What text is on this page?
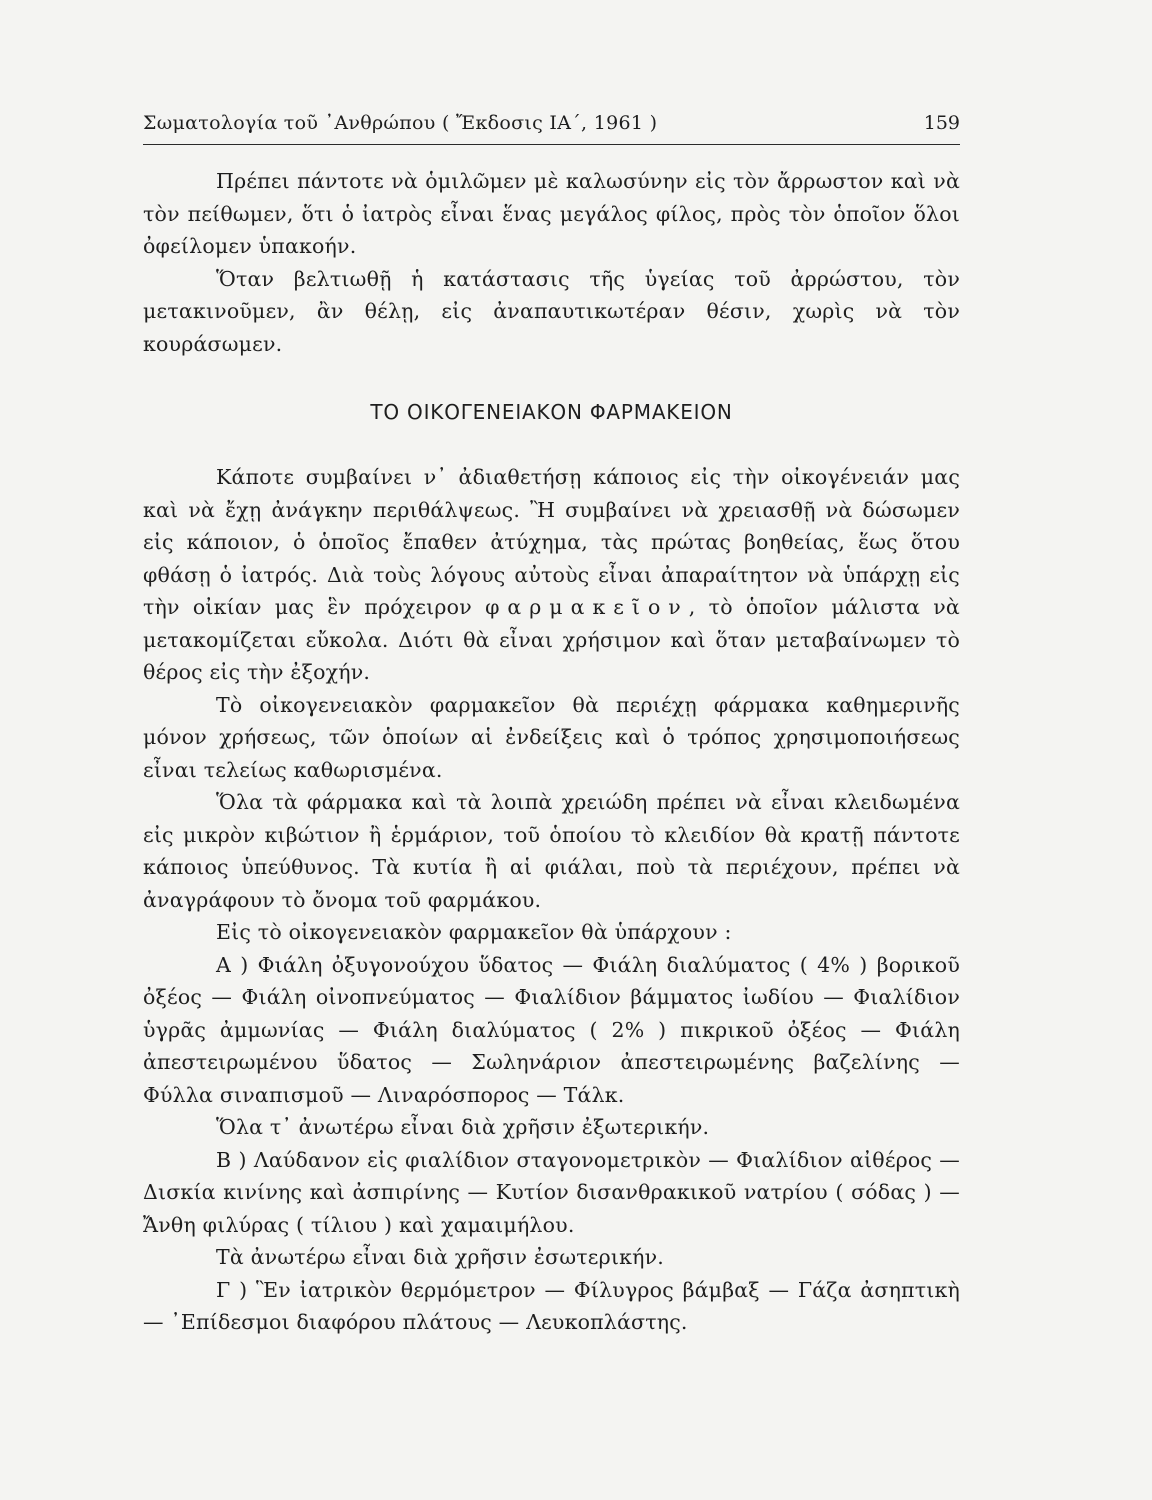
Σωματολογία τοῦ ᾿Ανθρώπου ( Ἔκδοσις ΙΑ΄, 1961 )	159

Πρέπει πάντοτε νὰ ὁμιλῶμεν μὲ καλωσύνην εἰς τὸν ἄρρωστον καὶ νὰ τὸν πείθωμεν, ὅτι ὁ ἰατρὸς εἶναι ἕνας μεγάλος φίλος, πρὸς τὸν ὁποῖον ὅλοι ὀφείλομεν ὑπακοήν.

Ὅταν βελτιωθῇ ἡ κατάστασις τῆς ὑγείας τοῦ ἀρρώστου, τὸν μετακινοῦμεν, ἂν θέλῃ, εἰς ἀναπαυτικωτέραν θέσιν, χωρὶς νὰ τὸν κουράσωμεν.

ΤΟ ΟΙΚΟΓΕΝΕΙΑΚΟΝ ΦΑΡΜΑΚΕΙΟΝ

Κάποτε συμβαίνει ν᾿ ἀδιαθετήσῃ κάποιος εἰς τὴν οἰκογένειάν μας καὶ νὰ ἔχῃ ἀνάγκην περιθάλψεως. Ἢ συμβαίνει νὰ χρειασθῇ νὰ δώσωμεν εἰς κάποιον, ὁ ὁποῖος ἔπαθεν ἀτύχημα, τὰς πρώτας βοηθείας, ἕως ὅτου φθάσῃ ὁ ἰατρός. Διὰ τοὺς λόγους αὐτοὺς εἶναι ἀπαραίτητον νὰ ὑπάρχῃ εἰς τὴν οἰκίαν μας ἓν πρόχειρον φαρμακεῖον, τὸ ὁποῖον μάλιστα νὰ μετακομίζεται εὔκολα. Διότι θὰ εἶναι χρήσιμον καὶ ὅταν μεταβαίνωμεν τὸ θέρος εἰς τὴν ἐξοχήν.

Τὸ οἰκογενειακὸν φαρμακεῖον θὰ περιέχῃ φάρμακα καθημερινῆς μόνον χρήσεως, τῶν ὁποίων αἱ ἐνδείξεις καὶ ὁ τρόπος χρησιμοποιήσεως εἶναι τελείως καθωρισμένα.

Ὅλα τὰ φάρμακα καὶ τὰ λοιπὰ χρειώδη πρέπει νὰ εἶναι κλειδωμένα εἰς μικρὸν κιβώτιον ἢ ἑρμάριον, τοῦ ὁποίου τὸ κλειδίον θὰ κρατῇ πάντοτε κάποιος ὑπεύθυνος. Τὰ κυτία ἢ αἱ φιάλαι, ποὺ τὰ περιέχουν, πρέπει νὰ ἀναγράφουν τὸ ὄνομα τοῦ φαρμάκου.

Εἰς τὸ οἰκογενειακὸν φαρμακεῖον θὰ ὑπάρχουν :

Α ) Φιάλη ὀξυγονούχου ὕδατος — Φιάλη διαλύματος ( 4% ) βορικοῦ ὀξέος — Φιάλη οἰνοπνεύματος — Φιαλίδιον βάμματος ἰωδίου — Φιαλίδιον ὑγρᾶς ἀμμωνίας — Φιάλη διαλύματος ( 2% ) πικρικοῦ ὀξέος — Φιάλη ἀπεστειρωμένου ὕδατος — Σωληνάριον ἀπεστειρωμένης βαζελίνης — Φύλλα σιναπισμοῦ — Λιναρόσπορος — Τάλκ.

Ὅλα τ᾿ ἀνωτέρω εἶναι διὰ χρῆσιν ἐξωτερικήν.

Β ) Λαύδανον εἰς φιαλίδιον σταγονομετρικὸν — Φιαλίδιον αἰθέρος — Δισκία κινίνης καὶ ἀσπιρίνης — Κυτίον δισανθρακικοῦ νατρίου ( σόδας ) — Ἄνθη φιλύρας ( τίλιου ) καὶ χαμαιμήλου.

Τὰ ἀνωτέρω εἶναι διὰ χρῆσιν ἐσωτερικήν.

Γ ) Ἓν ἰατρικὸν θερμόμετρον — Φίλυγρος βάμβαξ — Γάζα ἀσηπτικὴ — ᾿Επίδεσμοι διαφόρου πλάτους — Λευκοπλάστης.
